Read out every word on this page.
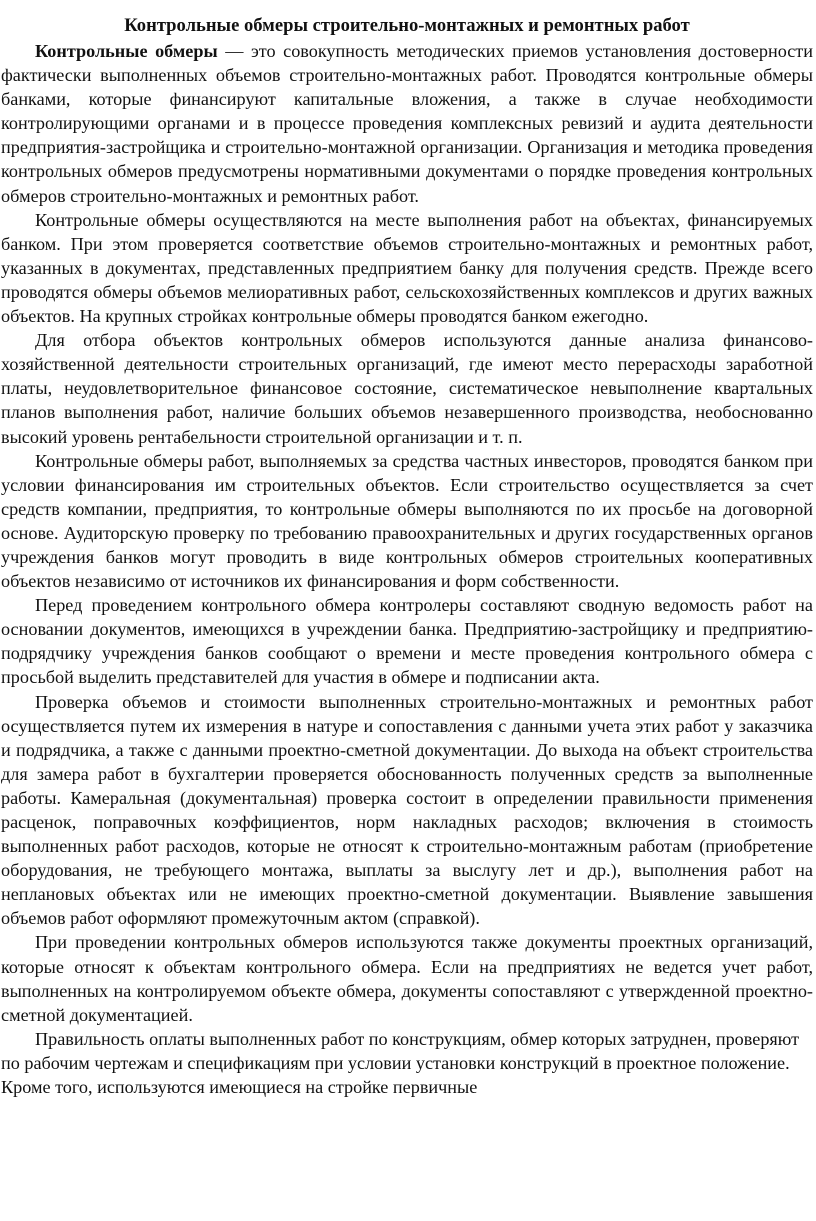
Контрольные обмеры строительно-монтажных и ремонтных работ

Контрольные обмеры — это совокупность методических приемов установления достоверности фактически выполненных объемов строительно-монтажных работ. Проводятся контрольные обмеры банками, которые финансируют капитальные вложения, а также в случае необходимости контролирующими органами и в процессе проведения комплексных ревизий и аудита деятельности предприятия-застройщика и строительно-монтажной организации. Организация и методика проведения контрольных обмеров предусмотрены нормативными документами о порядке проведения контрольных обмеров строительно-монтажных и ремонтных работ.

Контрольные обмеры осуществляются на месте выполнения работ на объектах, финансируемых банком. При этом проверяется соответствие объемов строительно-монтажных и ремонтных работ, указанных в документах, представленных предприятием банку для получения средств. Прежде всего проводятся обмеры объемов мелиоративных работ, сельскохозяйственных комплексов и других важных объектов. На крупных стройках контрольные обмеры проводятся банком ежегодно.

Для отбора объектов контрольных обмеров используются данные анализа финансово-хозяйственной деятельности строительных организаций, где имеют место перерасходы заработной платы, неудовлетворительное финансовое состояние, систематическое невыполнение квартальных планов выполнения работ, наличие больших объемов незавершенного производства, необоснованно высокий уровень рентабельности строительной организации и т. п.

Контрольные обмеры работ, выполняемых за средства частных инвесторов, проводятся банком при условии финансирования им строительных объектов. Если строительство осуществляется за счет средств компании, предприятия, то контрольные обмеры выполняются по их просьбе на договорной основе. Аудиторскую проверку по требованию правоохранительных и других государственных органов учреждения банков могут проводить в виде контрольных обмеров строительных кооперативных объектов независимо от источников их финансирования и форм собственности.

Перед проведением контрольного обмера контролеры составляют сводную ведомость работ на основании документов, имеющихся в учреждении банка. Предприятию-застройщику и предприятию-подрядчику учреждения банков сообщают о времени и месте проведения контрольного обмера с просьбой выделить представителей для участия в обмере и подписании акта.

Проверка объемов и стоимости выполненных строительно-монтажных и ремонтных работ осуществляется путем их измерения в натуре и сопоставления с данными учета этих работ у заказчика и подрядчика, а также с данными проектно-сметной документации. До выхода на объект строительства для замера работ в бухгалтерии проверяется обоснованность полученных средств за выполненные работы. Камеральная (документальная) проверка состоит в определении правильности применения расценок, поправочных коэффициентов, норм накладных расходов; включения в стоимость выполненных работ расходов, которые не относят к строительно-монтажным работам (приобретение оборудования, не требующего монтажа, выплаты за выслугу лет и др.), выполнения работ на неплановых объектах или не имеющих проектно-сметной документации. Выявление завышения объемов работ оформляют промежуточным актом (справкой).

При проведении контрольных обмеров используются также документы проектных организаций, которые относят к объектам контрольного обмера. Если на предприятиях не ведется учет работ, выполненных на контролируемом объекте обмера, документы сопоставляют с утвержденной проектно-сметной документацией.

Правильность оплаты выполненных работ по конструкциям, обмер которых затруднен, проверяют по рабочим чертежам и спецификациям при условии установки конструкций в проектное положение. Кроме того, используются имеющиеся на стройке первичные
